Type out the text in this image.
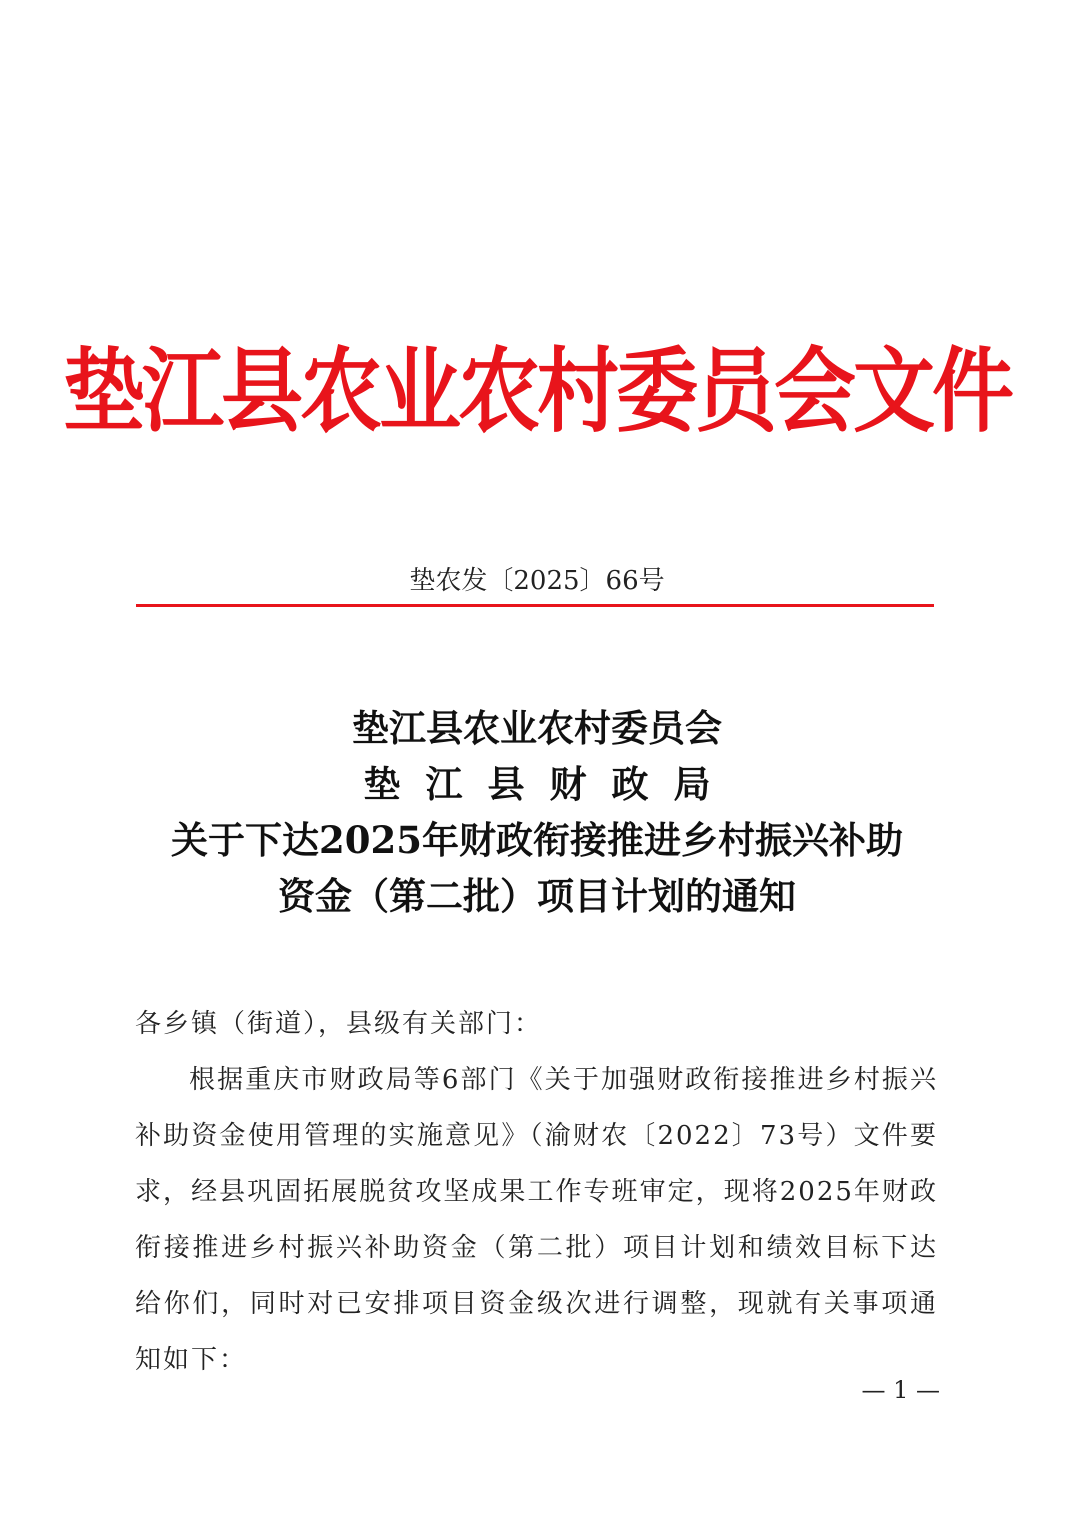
垫江县农业农村委员会文件
垫农发〔2025〕66号
垫江县农业农村委员会
垫江县财政局
关于下达2025年财政衔接推进乡村振兴补助
资金（第二批）项目计划的通知
各乡镇（街道），县级有关部门：
根据重庆市财政局等6部门《关于加强财政衔接推进乡村振兴补助资金使用管理的实施意见》（渝财农〔2022〕73号）文件要求，经县巩固拓展脱贫攻坚成果工作专班审定，现将2025年财政衔接推进乡村振兴补助资金（第二批）项目计划和绩效目标下达给你们，同时对已安排项目资金级次进行调整，现就有关事项通知如下：
— 1 —
